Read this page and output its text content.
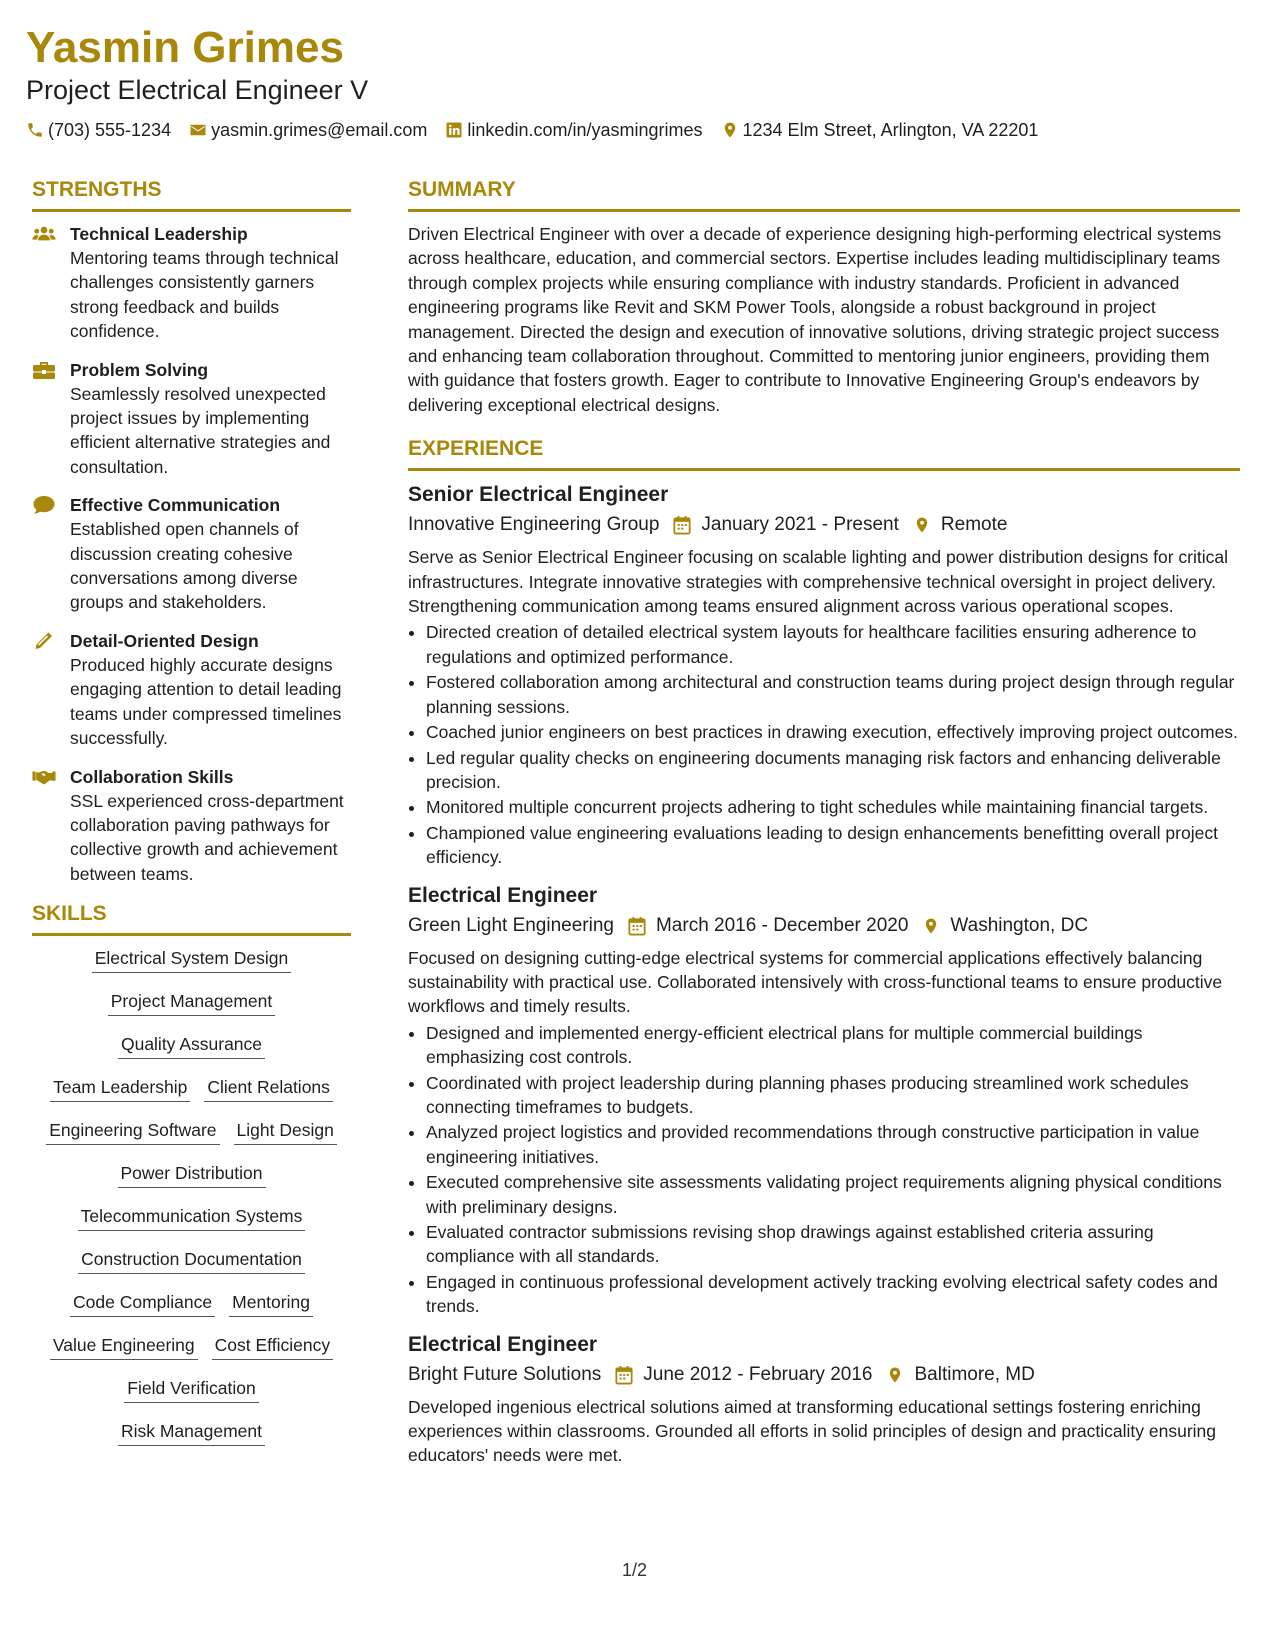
Yasmin Grimes
Project Electrical Engineer V
(703) 555-1234 yasmin.grimes@email.com linkedin.com/in/yasmingrimes 1234 Elm Street, Arlington, VA 22201
STRENGTHS
Technical Leadership
Mentoring teams through technical challenges consistently garners strong feedback and builds confidence.
Problem Solving
Seamlessly resolved unexpected project issues by implementing efficient alternative strategies and consultation.
Effective Communication
Established open channels of discussion creating cohesive conversations among diverse groups and stakeholders.
Detail-Oriented Design
Produced highly accurate designs engaging attention to detail leading teams under compressed timelines successfully.
Collaboration Skills
SSL experienced cross-department collaboration paving pathways for collective growth and achievement between teams.
SKILLS
Electrical System Design
Project Management
Quality Assurance
Team Leadership Client Relations
Engineering Software Light Design
Power Distribution
Telecommunication Systems
Construction Documentation
Code Compliance Mentoring
Value Engineering Cost Efficiency
Field Verification
Risk Management
SUMMARY

Driven Electrical Engineer with over a decade of experience designing high-performing electrical systems across healthcare, education, and commercial sectors. Expertise includes leading multidisciplinary teams through complex projects while ensuring compliance with industry standards. Proficient in advanced engineering programs like Revit and SKM Power Tools, alongside a robust background in project management. Directed the design and execution of innovative solutions, driving strategic project success and enhancing team collaboration throughout. Committed to mentoring junior engineers, providing them with guidance that fosters growth. Eager to contribute to Innovative Engineering Group's endeavors by delivering exceptional electrical designs.

EXPERIENCE
Senior Electrical Engineer
Innovative Engineering Group January 2021 - Present Remote

Serve as Senior Electrical Engineer focusing on scalable lighting and power distribution designs for critical infrastructures. Integrate innovative strategies with comprehensive technical oversight in project delivery. Strengthening communication among teams ensured alignment across various operational scopes.

• Directed creation of detailed electrical system layouts for healthcare facilities ensuring adherence to regulations and optimized performance.
• Fostered collaboration among architectural and construction teams during project design through regular planning sessions.
• Coached junior engineers on best practices in drawing execution, effectively improving project outcomes.
• Led regular quality checks on engineering documents managing risk factors and enhancing deliverable precision.
• Monitored multiple concurrent projects adhering to tight schedules while maintaining financial targets.
• Championed value engineering evaluations leading to design enhancements benefitting overall project efficiency.
Electrical Engineer
Green Light Engineering March 2016 - December 2020 Washington, DC

Focused on designing cutting-edge electrical systems for commercial applications effectively balancing sustainability with practical use. Collaborated intensively with cross-functional teams to ensure productive workflows and timely results.

• Designed and implemented energy-efficient electrical plans for multiple commercial buildings emphasizing cost controls.
• Coordinated with project leadership during planning phases producing streamlined work schedules connecting timeframes to budgets.
• Analyzed project logistics and provided recommendations through constructive participation in value engineering initiatives.
• Executed comprehensive site assessments validating project requirements aligning physical conditions with preliminary designs.
• Evaluated contractor submissions revising shop drawings against established criteria assuring compliance with all standards.
• Engaged in continuous professional development actively tracking evolving electrical safety codes and trends.
Electrical Engineer
Bright Future Solutions June 2012 - February 2016 Baltimore, MD

Developed ingenious electrical solutions aimed at transforming educational settings fostering enriching experiences within classrooms. Grounded all efforts in solid principles of design and practicality ensuring educators' needs were met.

1/2
